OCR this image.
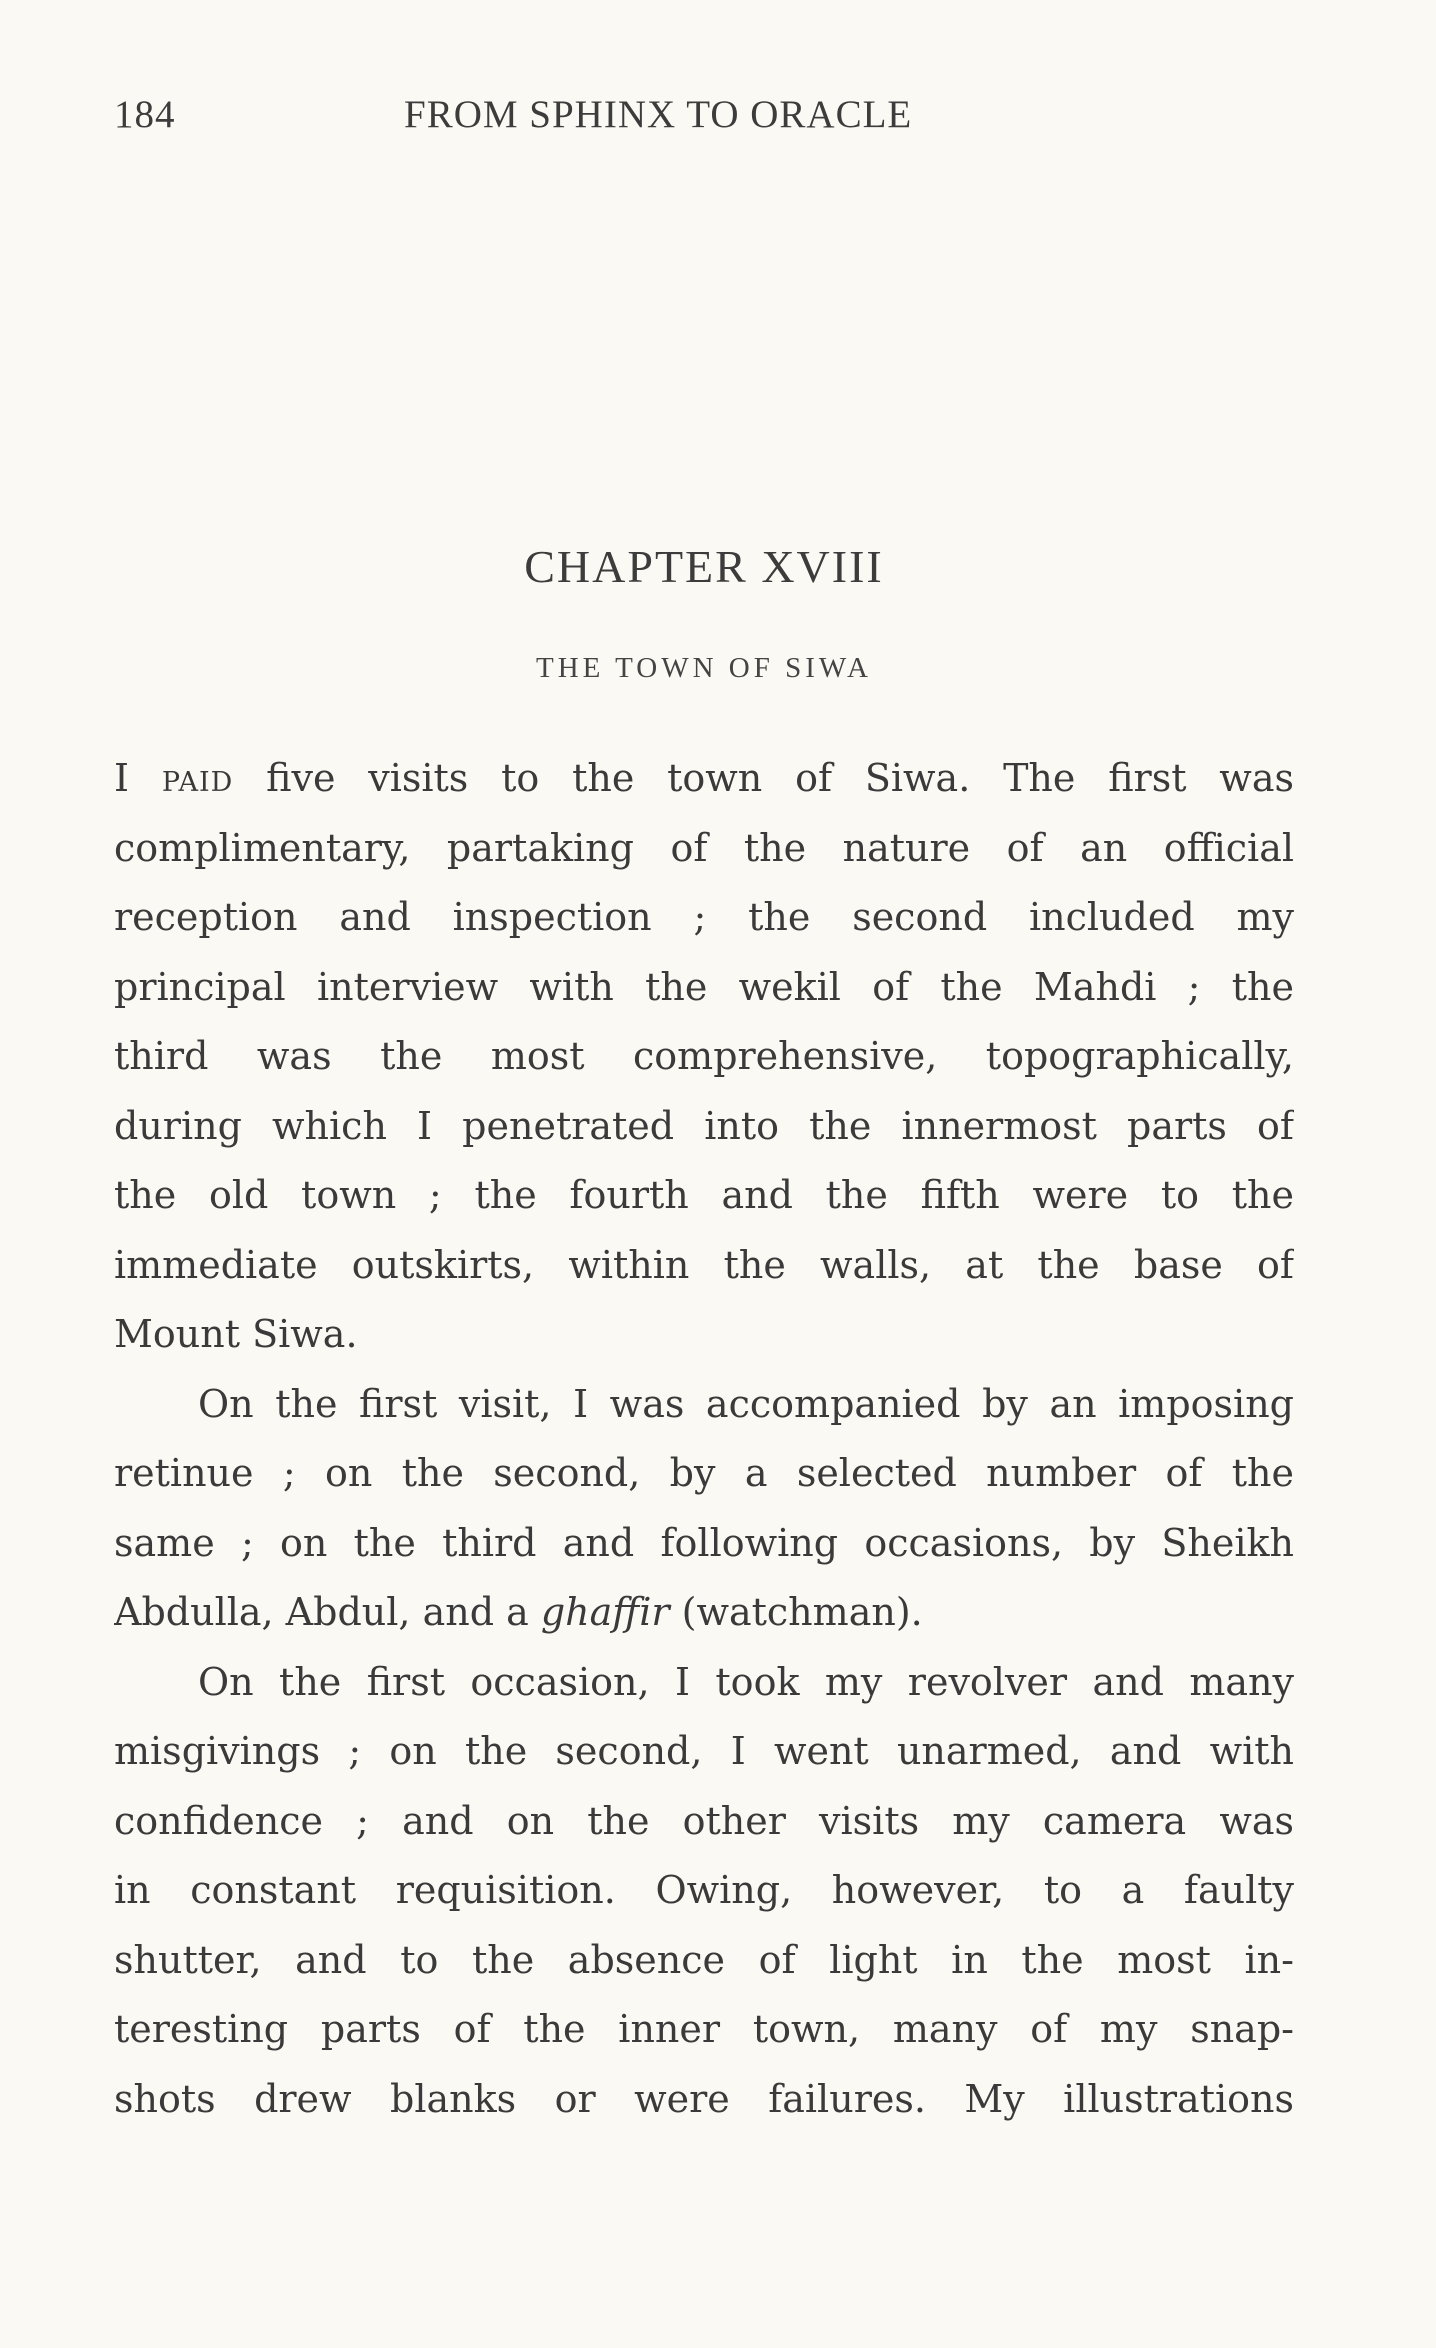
184	FROM SPHINX TO ORACLE
CHAPTER XVIII
THE TOWN OF SIWA
I paid five visits to the town of Siwa. The first was
complimentary, partaking of the nature of an official
reception and inspection ; the second included my
principal interview with the wekil of the Mahdi ; the
third was the most comprehensive, topographically,
during which I penetrated into the innermost parts of
the old town ; the fourth and the fifth were to the
immediate outskirts, within the walls, at the base of
Mount Siwa.
On the first visit, I was accompanied by an imposing
retinue ; on the second, by a selected number of the
same ; on the third and following occasions, by Sheikh
Abdulla, Abdul, and a ghaffir (watchman).
On the first occasion, I took my revolver and many
misgivings ; on the second, I went unarmed, and with
confidence ; and on the other visits my camera was
in constant requisition. Owing, however, to a faulty
shutter, and to the absence of light in the most in-
teresting parts of the inner town, many of my snap-
shots drew blanks or were failures. My illustrations
